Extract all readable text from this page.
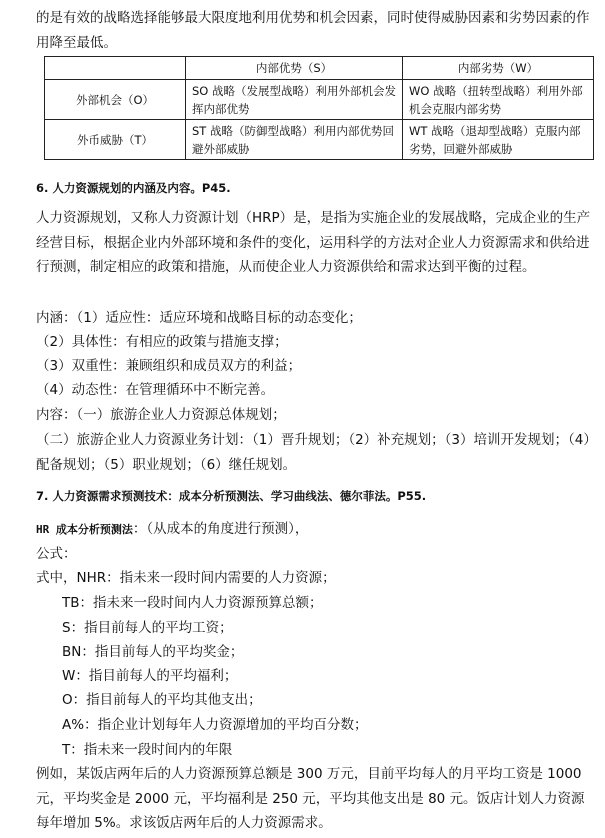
的是有效的战略选择能够最大限度地利用优势和机会因素，同时使得威胁因素和劣势因素的作用降至最低。

	内部优势（S）	内部劣势（W）
外部机会（O）	SO 战略（发展型战略）利用外部机会发挥内部优势	WO 战略（扭转型战略）利用外部机会克服内部劣势
外币威胁（T）	ST 战略（防御型战略）利用内部优势回避外部威胁	WT 战略（退却型战略）克服内部劣势，回避外部威胁

6. 人力资源规划的内涵及内容。P45.

人力资源规划，又称人力资源计划（HRP）是，是指为实施企业的发展战略，完成企业的生产经营目标，根据企业内外部环境和条件的变化，运用科学的方法对企业人力资源需求和供给进行预测，制定相应的政策和措施，从而使企业人力资源供给和需求达到平衡的过程。

内涵：（1）适应性：适应环境和战略目标的动态变化；

（2）具体性：有相应的政策与措施支撑；

（3）双重性：兼顾组织和成员双方的利益；

（4）动态性：在管理循环中不断完善。

内容：（一）旅游企业人力资源总体规划；

（二）旅游企业人力资源业务计划：（1）晋升规划；（2）补充规划；（3）培训开发规划；（4）配备规划；（5）职业规划；（6）继任规划。

7. 人力资源需求预测技术：成本分析预测法、学习曲线法、德尔菲法。P55.

HR 成本分析预测法：（从成本的角度进行预测），

公式：

式中，NHR：指未来一段时间内需要的人力资源；

TB：指未来一段时间内人力资源预算总额；

S：指目前每人的平均工资；

BN：指目前每人的平均奖金；

W：指目前每人的平均福利；

O：指目前每人的平均其他支出；

A%：指企业计划每年人力资源增加的平均百分数；

T：指未来一段时间内的年限

例如，某饭店两年后的人力资源预算总额是 300 万元，目前平均每人的月平均工资是 1000 元，平均奖金是 2000 元，平均福利是 250 元，平均其他支出是 80 元。饭店计划人力资源每年增加 5%。求该饭店两年后的人力资源需求。
